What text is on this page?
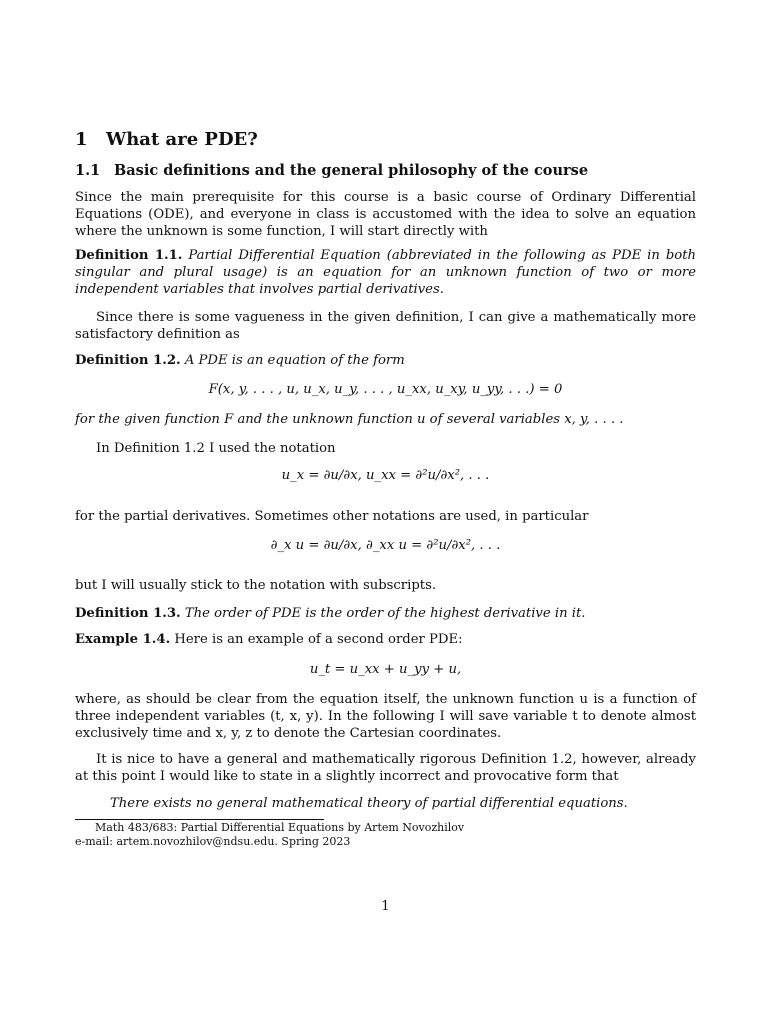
1 What are PDE?
1.1 Basic definitions and the general philosophy of the course

Since the main prerequisite for this course is a basic course of Ordinary Differential Equations (ODE), and everyone in class is accustomed with the idea to solve an equation where the unknown is some function, I will start directly with

Definition 1.1. Partial Differential Equation (abbreviated in the following as PDE in both singular and plural usage) is an equation for an unknown function of two or more independent variables that involves partial derivatives.

Since there is some vagueness in the given definition, I can give a mathematically more satisfactory definition as

Definition 1.2. A PDE is an equation of the form

F(x, y, . . . , u, u_x, u_y, . . . , u_xx, u_xy, u_yy, . . .) = 0

for the given function F and the unknown function u of several variables x, y, . . . .

In Definition 1.2 I used the notation

u_x = ∂u/∂x, u_xx = ∂²u/∂x², . . .

for the partial derivatives. Sometimes other notations are used, in particular

∂_x u = ∂u/∂x, ∂_xx u = ∂²u/∂x², . . .

but I will usually stick to the notation with subscripts.

Definition 1.3. The order of PDE is the order of the highest derivative in it.

Example 1.4. Here is an example of a second order PDE:

u_t = u_xx + u_yy + u,

where, as should be clear from the equation itself, the unknown function u is a function of three independent variables (t, x, y). In the following I will save variable t to denote almost exclusively time and x, y, z to denote the Cartesian coordinates.

It is nice to have a general and mathematically rigorous Definition 1.2, however, already at this point I would like to state in a slightly incorrect and provocative form that

There exists no general mathematical theory of partial differential equations.
Math 483/683: Partial Differential Equations by Artem Novozhilov
e-mail: artem.novozhilov@ndsu.edu. Spring 2023
1
